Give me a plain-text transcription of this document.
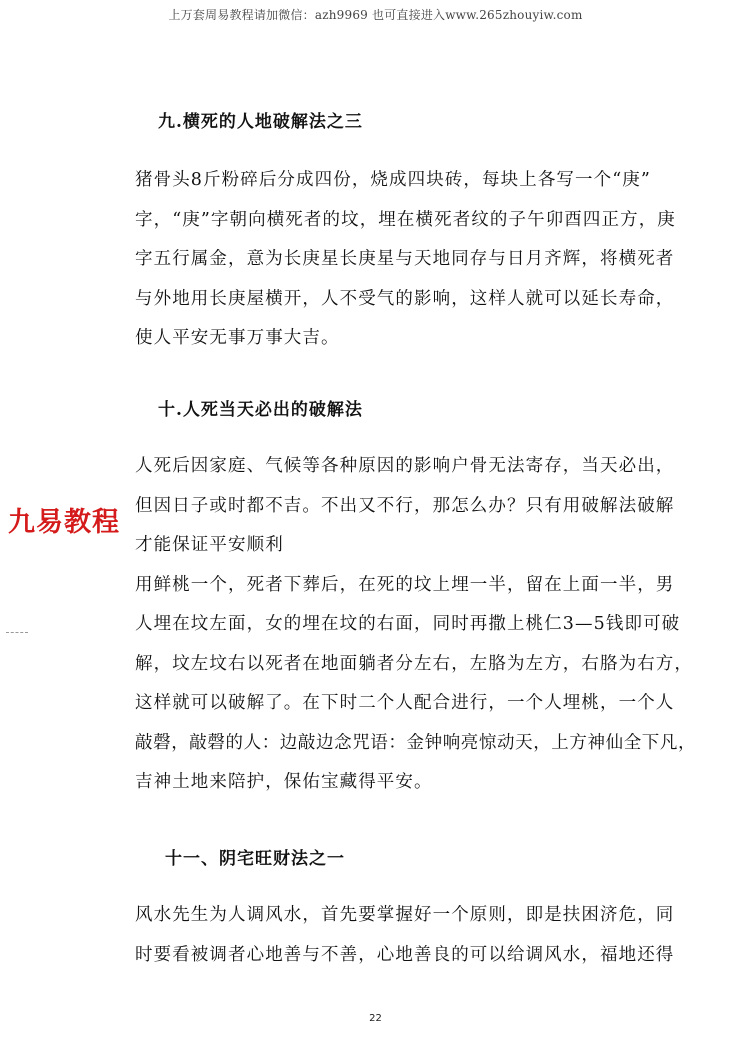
上万套周易教程请加微信：azh9969 也可直接进入www.265zhouyiw.com
九.横死的人地破解法之三
猪骨头8斤粉碎后分成四份，烧成四块砖，每块上各写一个“庚”
字，“庚”字朝向横死者的坟，埋在横死者纹的子午卯酉四正方，庚
字五行属金，意为长庚星长庚星与天地同存与日月齐辉，将横死者
与外地用长庚屋横开，人不受气的影响，这样人就可以延长寿命，
使人平安无事万事大吉。
十.人死当天必出的破解法
人死后因家庭、气候等各种原因的影响户骨无法寄存，当天必出，
但因日子或时都不吉。不出又不行，那怎么办？只有用破解法破解
才能保证平安顺利
用鲜桃一个，死者下葬后，在死的坟上埋一半，留在上面一半，男
人埋在坟左面，女的埋在坟的右面，同时再撒上桃仁3—5钱即可破
解，坟左坟右以死者在地面躺者分左右，左胳为左方，右胳为右方，
这样就可以破解了。在下时二个人配合进行，一个人埋桃，一个人
敲磬，敲磬的人：边敲边念咒语：金钟响亮惊动天，上方神仙全下凡，
吉神土地来陪护，保佑宝藏得平安。
十一、阴宅旺财法之一
风水先生为人调风水，首先要掌握好一个原则，即是扶困济危，同
时要看被调者心地善与不善，心地善良的可以给调风水，福地还得
九易教程
22
